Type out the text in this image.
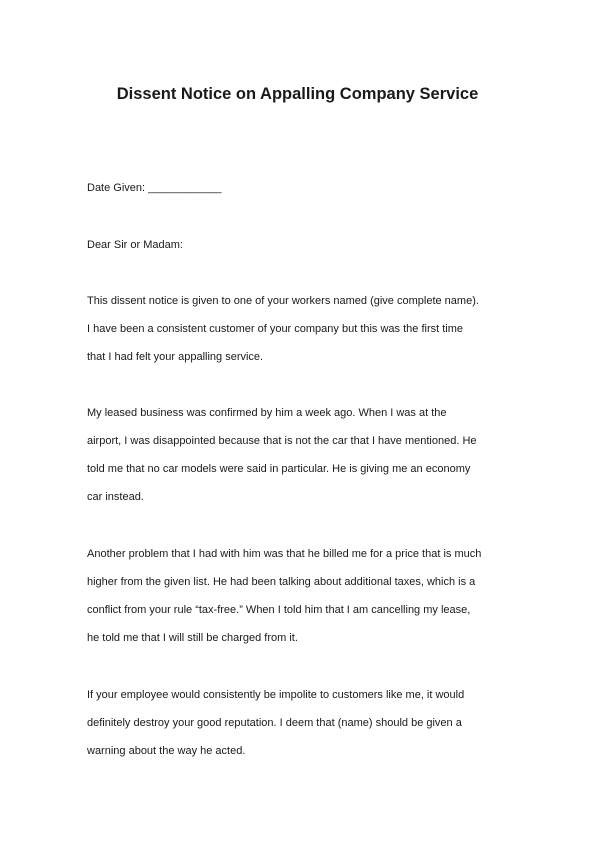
Dissent Notice on Appalling Company Service

Date Given: ____________

Dear Sir or Madam:

This dissent notice is given to one of your workers named (give complete name).

I have been a consistent customer of your company but this was the first time

that I had felt your appalling service.

My leased business was confirmed by him a week ago. When I was at the

airport, I was disappointed because that is not the car that I have mentioned. He

told me that no car models were said in particular. He is giving me an economy

car instead.

Another problem that I had with him was that he billed me for a price that is much

higher from the given list. He had been talking about additional taxes, which is a

conflict from your rule “tax-free.” When I told him that I am cancelling my lease,

he told me that I will still be charged from it.

If your employee would consistently be impolite to customers like me, it would

definitely destroy your good reputation. I deem that (name) should be given a

warning about the way he acted.
